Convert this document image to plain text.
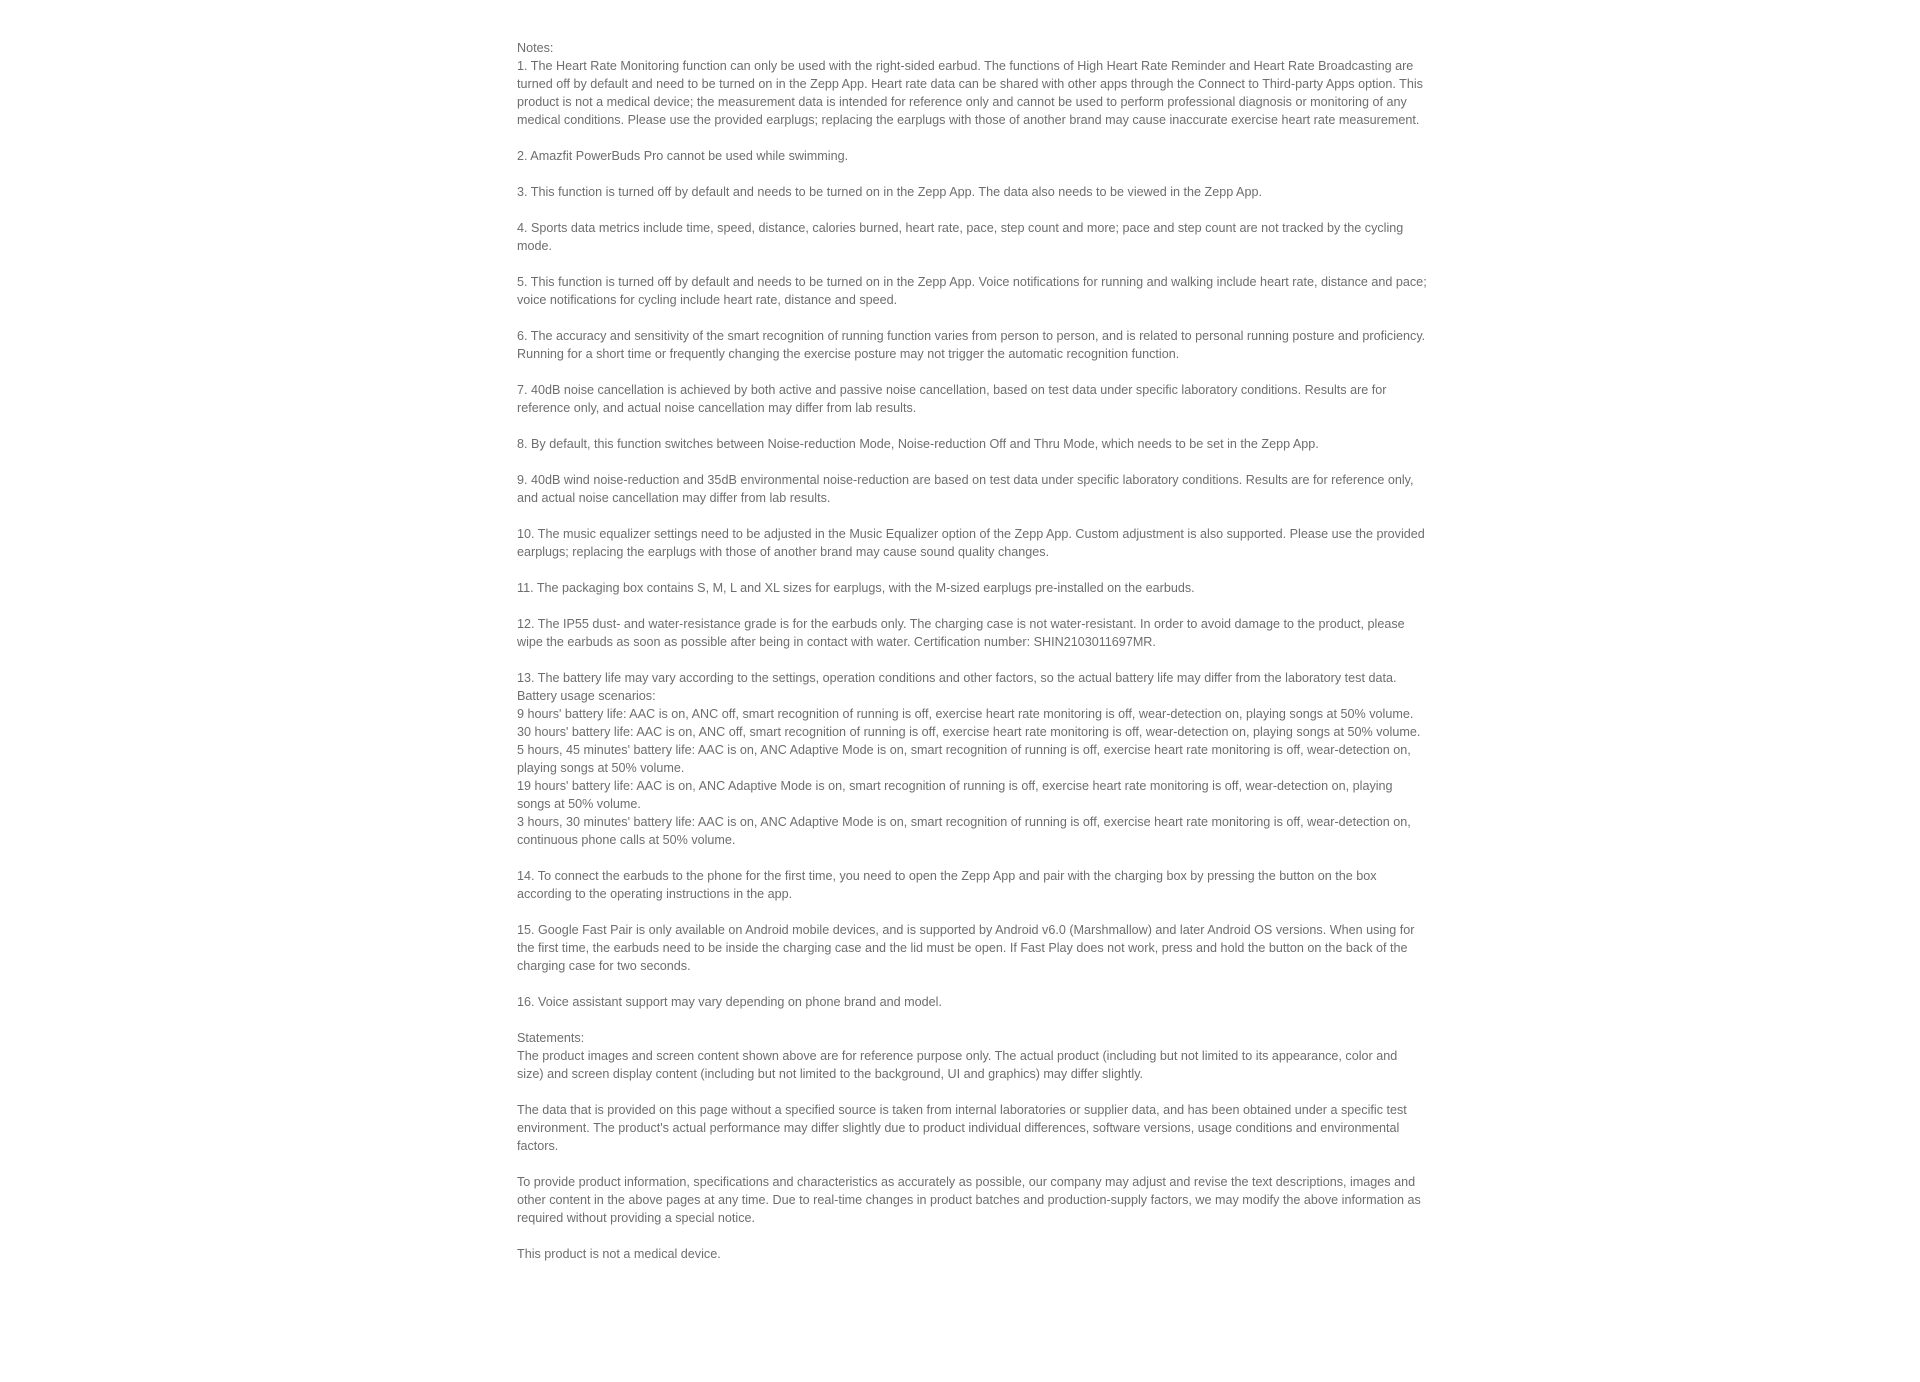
Notes:

1. The Heart Rate Monitoring function can only be used with the right-sided earbud. The functions of High Heart Rate Reminder and Heart Rate Broadcasting are turned off by default and need to be turned on in the Zepp App. Heart rate data can be shared with other apps through the Connect to Third-party Apps option. This product is not a medical device; the measurement data is intended for reference only and cannot be used to perform professional diagnosis or monitoring of any medical conditions. Please use the provided earplugs; replacing the earplugs with those of another brand may cause inaccurate exercise heart rate measurement.

2. Amazfit PowerBuds Pro cannot be used while swimming.

3. This function is turned off by default and needs to be turned on in the Zepp App. The data also needs to be viewed in the Zepp App.

4. Sports data metrics include time, speed, distance, calories burned, heart rate, pace, step count and more; pace and step count are not tracked by the cycling mode.

5. This function is turned off by default and needs to be turned on in the Zepp App. Voice notifications for running and walking include heart rate, distance and pace; voice notifications for cycling include heart rate, distance and speed.

6. The accuracy and sensitivity of the smart recognition of running function varies from person to person, and is related to personal running posture and proficiency. Running for a short time or frequently changing the exercise posture may not trigger the automatic recognition function.

7. 40dB noise cancellation is achieved by both active and passive noise cancellation, based on test data under specific laboratory conditions. Results are for reference only, and actual noise cancellation may differ from lab results.

8. By default, this function switches between Noise-reduction Mode, Noise-reduction Off and Thru Mode, which needs to be set in the Zepp App.

9. 40dB wind noise-reduction and 35dB environmental noise-reduction are based on test data under specific laboratory conditions. Results are for reference only, and actual noise cancellation may differ from lab results.

10. The music equalizer settings need to be adjusted in the Music Equalizer option of the Zepp App. Custom adjustment is also supported. Please use the provided earplugs; replacing the earplugs with those of another brand may cause sound quality changes.

11. The packaging box contains S, M, L and XL sizes for earplugs, with the M-sized earplugs pre-installed on the earbuds.

12. The IP55 dust- and water-resistance grade is for the earbuds only. The charging case is not water-resistant. In order to avoid damage to the product, please wipe the earbuds as soon as possible after being in contact with water. Certification number: SHIN2103011697MR.

13. The battery life may vary according to the settings, operation conditions and other factors, so the actual battery life may differ from the laboratory test data.

Battery usage scenarios:

9 hours' battery life: AAC is on, ANC off, smart recognition of running is off, exercise heart rate monitoring is off, wear-detection on, playing songs at 50% volume.

30 hours' battery life: AAC is on, ANC off, smart recognition of running is off, exercise heart rate monitoring is off, wear-detection on, playing songs at 50% volume.

5 hours, 45 minutes' battery life: AAC is on, ANC Adaptive Mode is on, smart recognition of running is off, exercise heart rate monitoring is off, wear-detection on, playing songs at 50% volume.

19 hours' battery life: AAC is on, ANC Adaptive Mode is on, smart recognition of running is off, exercise heart rate monitoring is off, wear-detection on, playing songs at 50% volume.

3 hours, 30 minutes' battery life: AAC is on, ANC Adaptive Mode is on, smart recognition of running is off, exercise heart rate monitoring is off, wear-detection on, continuous phone calls at 50% volume.

14. To connect the earbuds to the phone for the first time, you need to open the Zepp App and pair with the charging box by pressing the button on the box according to the operating instructions in the app.

15. Google Fast Pair is only available on Android mobile devices, and is supported by Android v6.0 (Marshmallow) and later Android OS versions. When using for the first time, the earbuds need to be inside the charging case and the lid must be open. If Fast Play does not work, press and hold the button on the back of the charging case for two seconds.

16. Voice assistant support may vary depending on phone brand and model.

Statements:

The product images and screen content shown above are for reference purpose only. The actual product (including but not limited to its appearance, color and size) and screen display content (including but not limited to the background, UI and graphics) may differ slightly.

The data that is provided on this page without a specified source is taken from internal laboratories or supplier data, and has been obtained under a specific test environment. The product's actual performance may differ slightly due to product individual differences, software versions, usage conditions and environmental factors.

To provide product information, specifications and characteristics as accurately as possible, our company may adjust and revise the text descriptions, images and other content in the above pages at any time. Due to real-time changes in product batches and production-supply factors, we may modify the above information as required without providing a special notice.

This product is not a medical device.
